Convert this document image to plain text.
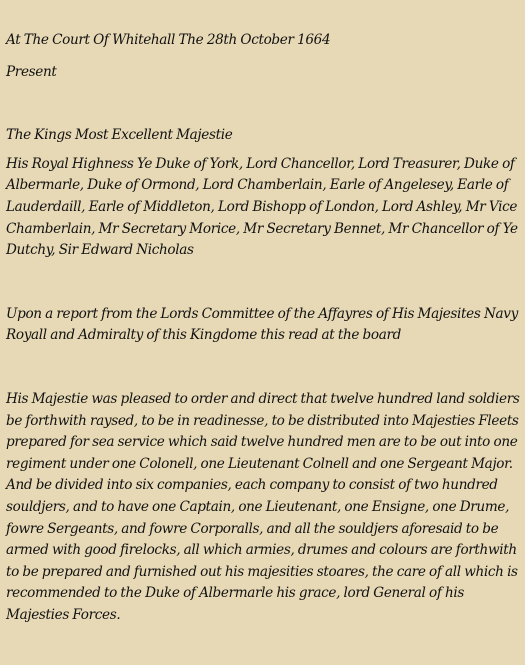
At The Court Of Whitehall The 28th October 1664

Present

The Kings Most Excellent Majestie

His Royal Highness Ye Duke of York, Lord Chancellor, Lord Treasurer, Duke of Albermarle, Duke of Ormond, Lord Chamberlain, Earle of Angelesey, Earle of Lauderdaill, Earle of Middleton, Lord Bishopp of London, Lord Ashley, Mr Vice Chamberlain, Mr Secretary Morice, Mr Secretary Bennet, Mr Chancellor of Ye Dutchy, Sir Edward Nicholas

Upon a report from the Lords Committee of the Affayres of His Majesites Navy Royall and Admiralty of this Kingdome this read at the board

His Majestie was pleased to order and direct that twelve hundred land soldiers be forthwith raysed, to be in readinesse, to be distributed into Majesties Fleets prepared for sea service which said twelve hundred men are to be out into one regiment under one Colonell, one Lieutenant Colnell and one Sergeant Major. And be divided into six companies, each company to consist of two hundred souldjers, and to have one Captain, one Lieutenant, one Ensigne, one Drume, fowre Sergeants, and fowre Corporalls, and all the souldjers aforesaid to be armed with good firelocks, all which armies, drumes and colours are forthwith to be prepared and furnished out his majesities stoares, the care of all which is recommended to the Duke of Albermarle his grace, lord General of his Majesties Forces.
